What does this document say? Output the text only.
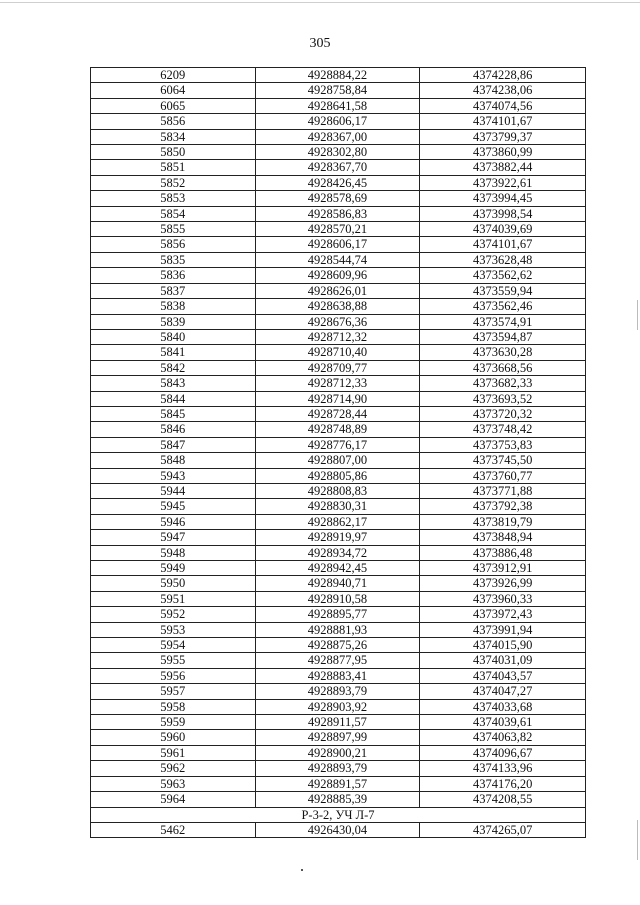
305
6209	4928884,22	4374228,86
6064	4928758,84	4374238,06
6065	4928641,58	4374074,56
5856	4928606,17	4374101,67
5834	4928367,00	4373799,37
5850	4928302,80	4373860,99
5851	4928367,70	4373882,44
5852	4928426,45	4373922,61
5853	4928578,69	4373994,45
5854	4928586,83	4373998,54
5855	4928570,21	4374039,69
5856	4928606,17	4374101,67
5835	4928544,74	4373628,48
5836	4928609,96	4373562,62
5837	4928626,01	4373559,94
5838	4928638,88	4373562,46
5839	4928676,36	4373574,91
5840	4928712,32	4373594,87
5841	4928710,40	4373630,28
5842	4928709,77	4373668,56
5843	4928712,33	4373682,33
5844	4928714,90	4373693,52
5845	4928728,44	4373720,32
5846	4928748,89	4373748,42
5847	4928776,17	4373753,83
5848	4928807,00	4373745,50
5943	4928805,86	4373760,77
5944	4928808,83	4373771,88
5945	4928830,31	4373792,38
5946	4928862,17	4373819,79
5947	4928919,97	4373848,94
5948	4928934,72	4373886,48
5949	4928942,45	4373912,91
5950	4928940,71	4373926,99
5951	4928910,58	4373960,33
5952	4928895,77	4373972,43
5953	4928881,93	4373991,94
5954	4928875,26	4374015,90
5955	4928877,95	4374031,09
5956	4928883,41	4374043,57
5957	4928893,79	4374047,27
5958	4928903,92	4374033,68
5959	4928911,57	4374039,61
5960	4928897,99	4374063,82
5961	4928900,21	4374096,67
5962	4928893,79	4374133,96
5963	4928891,57	4374176,20
5964	4928885,39	4374208,55
Р-3-2, УЧ Л-7		
5462	4926430,04	4374265,07
